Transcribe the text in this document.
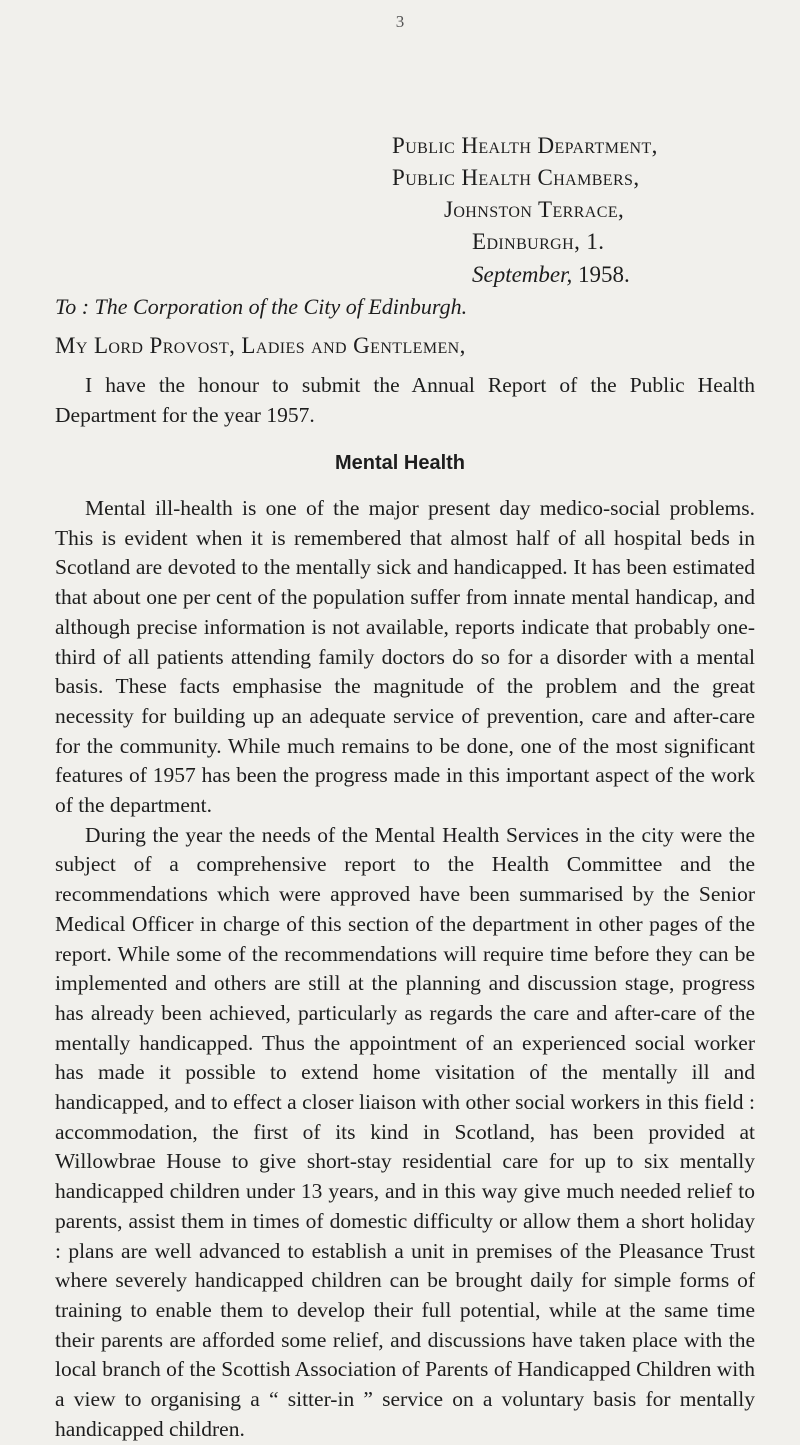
3
Public Health Department,
Public Health Chambers,
Johnston Terrace,
Edinburgh, 1.
September, 1958.
To : The Corporation of the City of Edinburgh.
My Lord Provost, Ladies and Gentlemen,
I have the honour to submit the Annual Report of the Public Health Department for the year 1957.
Mental Health

Mental ill-health is one of the major present day medico-social problems. This is evident when it is remembered that almost half of all hospital beds in Scotland are devoted to the mentally sick and handicapped. It has been estimated that about one per cent of the population suffer from innate mental handicap, and although precise information is not available, reports indicate that probably one-third of all patients attending family doctors do so for a disorder with a mental basis. These facts emphasise the magnitude of the problem and the great necessity for building up an adequate service of prevention, care and after-care for the community. While much remains to be done, one of the most significant features of 1957 has been the progress made in this important aspect of the work of the department.

During the year the needs of the Mental Health Services in the city were the subject of a comprehensive report to the Health Committee and the recommendations which were approved have been summarised by the Senior Medical Officer in charge of this section of the department in other pages of the report. While some of the recommendations will require time before they can be implemented and others are still at the planning and discussion stage, progress has already been achieved, particularly as regards the care and after-care of the mentally handicapped. Thus the appointment of an experienced social worker has made it possible to extend home visitation of the mentally ill and handicapped, and to effect a closer liaison with other social workers in this field : accommodation, the first of its kind in Scotland, has been provided at Willowbrae House to give short-stay residential care for up to six mentally handicapped children under 13 years, and in this way give much needed relief to parents, assist them in times of domestic difficulty or allow them a short holiday : plans are well advanced to establish a unit in premises of the Pleasance Trust where severely handicapped children can be brought daily for simple forms of training to enable them to develop their full potential, while at the same time their parents are afforded some relief, and discussions have taken place with the local branch of the Scottish Association of Parents of Handicapped Children with a view to organising a “ sitter-in ” service on a voluntary basis for mentally handicapped children.
